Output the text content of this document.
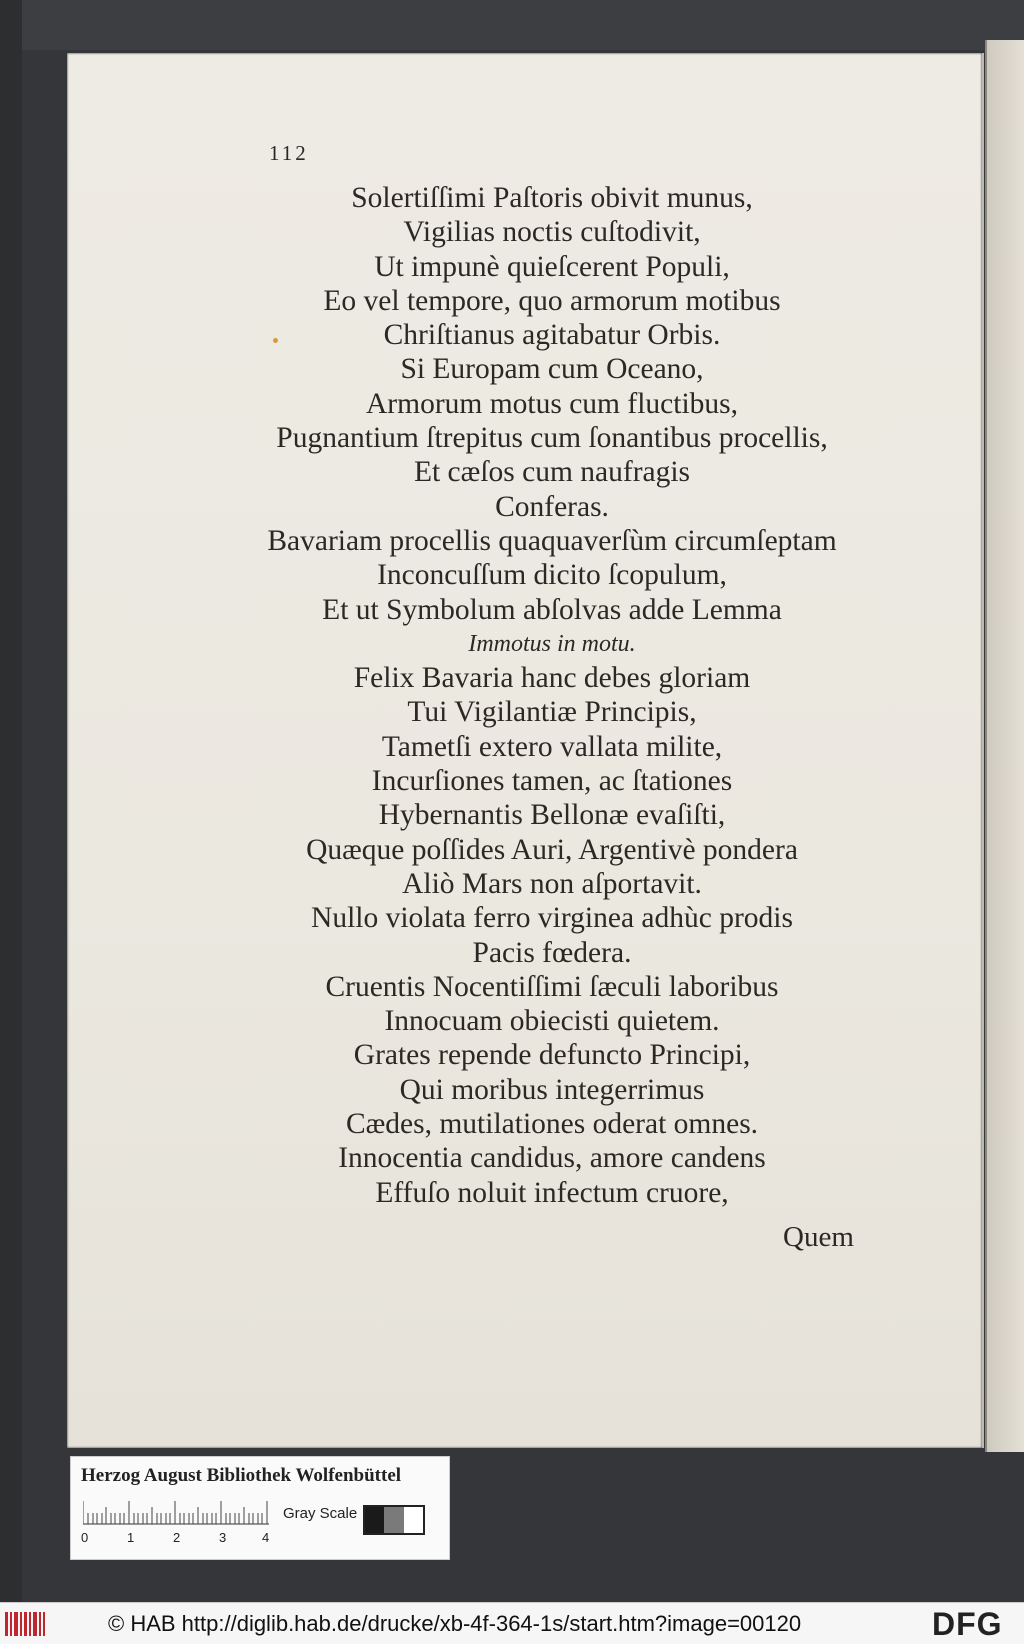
112
Solertiſſimi Paſtoris obivit munus,
Vigilias noctis cuſtodivit,
Ut impunè quieſcerent Populi,
Eo vel tempore, quo armorum motibus
Chriſtianus agitabatur Orbis.
Si Europam cum Oceano,
Armorum motus cum fluctibus,
Pugnantium ſtrepitus cum ſonantibus procellis,
Et cæſos cum naufragis
Conferas.
Bavariam procellis quaquaverſùm circumſeptam
Inconcuſſum dicito ſcopulum,
Et ut Symbolum abſolvas adde Lemma
Immotus in motu.
Felix Bavaria hanc debes gloriam
Tui Vigilantiæ Principis,
Tametſi extero vallata milite,
Incurſiones tamen, ac ſtationes
Hybernantis Bellonæ evaſiſti,
Quæque poſſides Auri, Argentivè pondera
Aliò Mars non aſportavit.
Nullo violata ferro virginea adhùc prodis
Pacis fœdera.
Cruentis Nocentiſſimi ſæculi laboribus
Innocuam obiecisti quietem.
Grates repende defuncto Principi,
Qui moribus integerrimus
Cædes, mutilationes oderat omnes.
Innocentia candidus, amore candens
Effuſo noluit infectum cruore,
Quem
Herzog August Bibliothek Wolfenbüttel
0	1	2	3	4
Gray Scale
© HAB http://diglib.hab.de/drucke/xb-4f-364-1s/start.htm?image=00120	DFG
